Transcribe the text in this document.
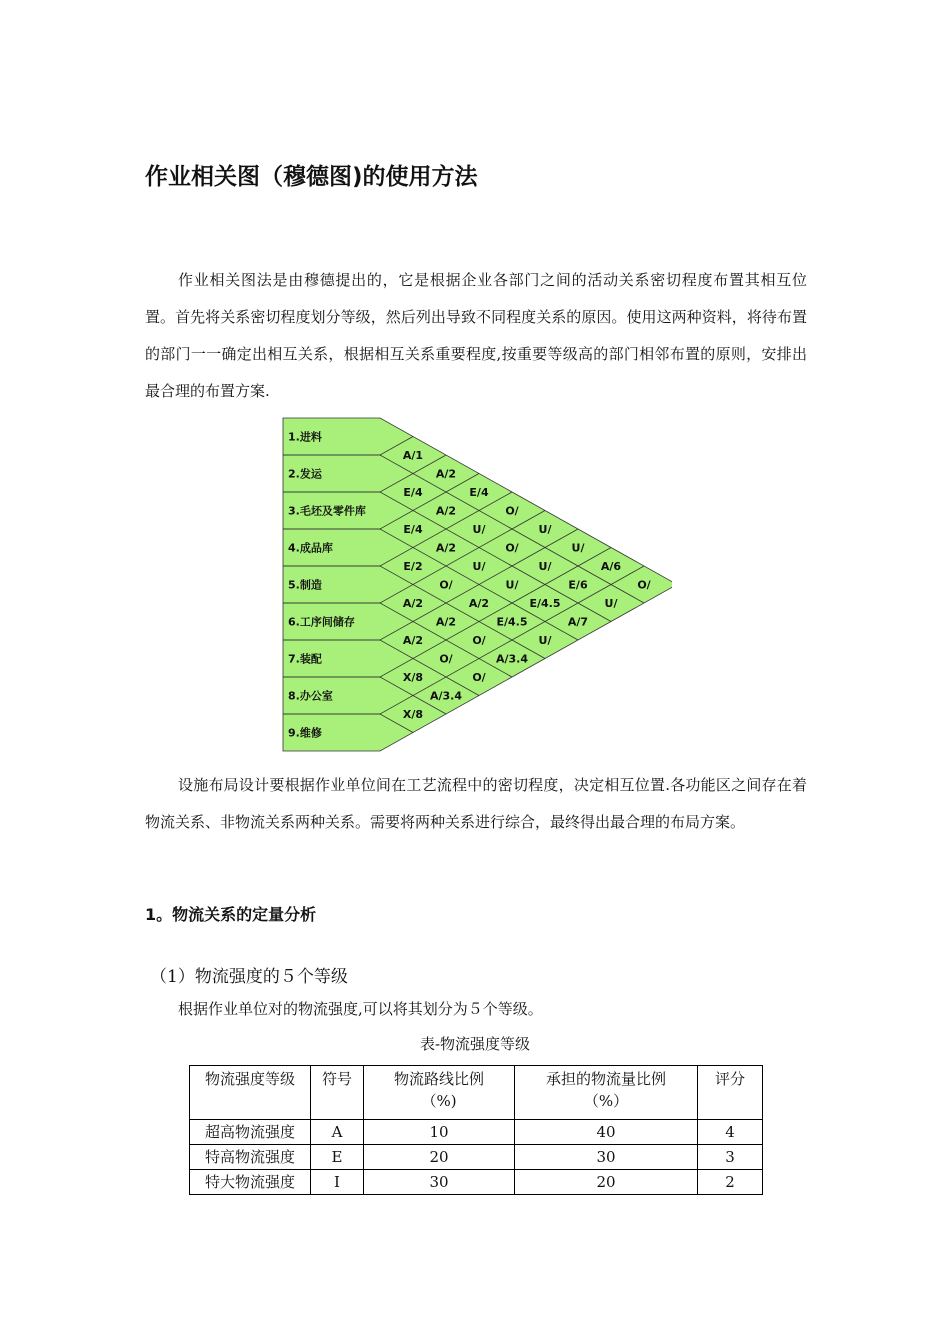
作业相关图（穆德图)的使用方法

作业相关图法是由穆德提出的，它是根据企业各部门之间的活动关系密切程度布置其相互位置。首先将关系密切程度划分等级，然后列出导致不同程度关系的原因。使用这两种资料，将待布置的部门一一确定出相互关系，根据相互关系重要程度,按重要等级高的部门相邻布置的原则，安排出最合理的布置方案.

1.进料
2.发运
3.毛坯及零件库
4.成品库
5.制造
6.工序间储存
7.装配
8.办公室
9.维修
A/1
A/2
E/4
O/
U/
U/
A/6
O/
E/4
A/2
U/
O/
U/
E/6
U/
E/4
A/2
U/
U/
E/4.5
A/7
E/2
O/
A/2
E/4.5
U/
A/2
A/2
O/
A/3.4
A/2
O/
O/
X/8
A/3.4
X/8

设施布局设计要根据作业单位间在工艺流程中的密切程度，决定相互位置.各功能区之间存在着物流关系、非物流关系两种关系。需要将两种关系进行综合，最终得出最合理的布局方案。

1。物流关系的定量分析

（1）物流强度的５个等级

根据作业单位对的物流强度,可以将其划分为５个等级。

表-物流强度等级

物流强度等级	符号	物流路线比例（%)	承担的物流量比例（%）	评分
超高物流强度	A	10	40	4
特高物流强度	E	20	30	3
特大物流强度	I	30	20	2
